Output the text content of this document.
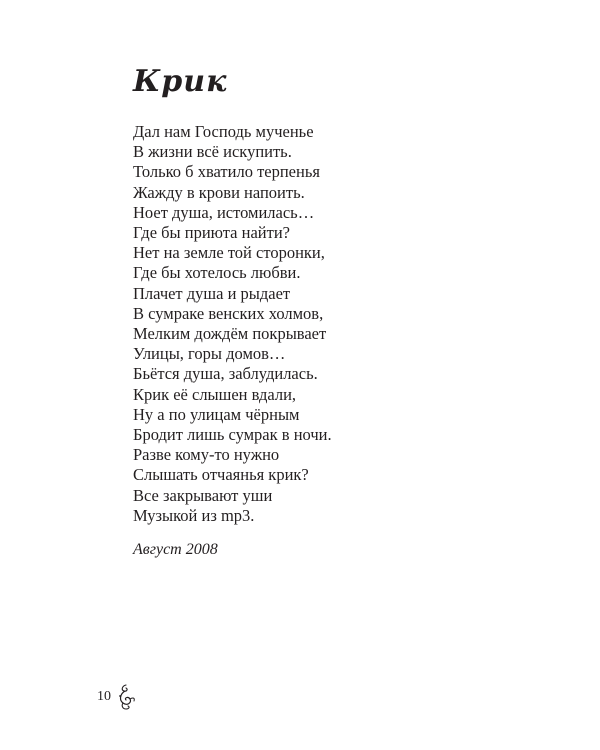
Крик
Дал нам Господь мученье
В жизни всё искупить.
Только б хватило терпенья
Жажду в крови напоить.
Ноет душа, истомилась…
Где бы приюта найти?
Нет на земле той сторонки,
Где бы хотелось любви.
Плачет душа и рыдает
В сумраке венских холмов,
Мелким дождём покрывает
Улицы, горы домов…
Бьётся душа, заблудилась.
Крик её слышен вдали,
Ну а по улицам чёрным
Бродит лишь сумрак в ночи.
Разве кому-то нужно
Слышать отчаянья крик?
Все закрывают уши
Музыкой из mp3.

Август 2008

10
